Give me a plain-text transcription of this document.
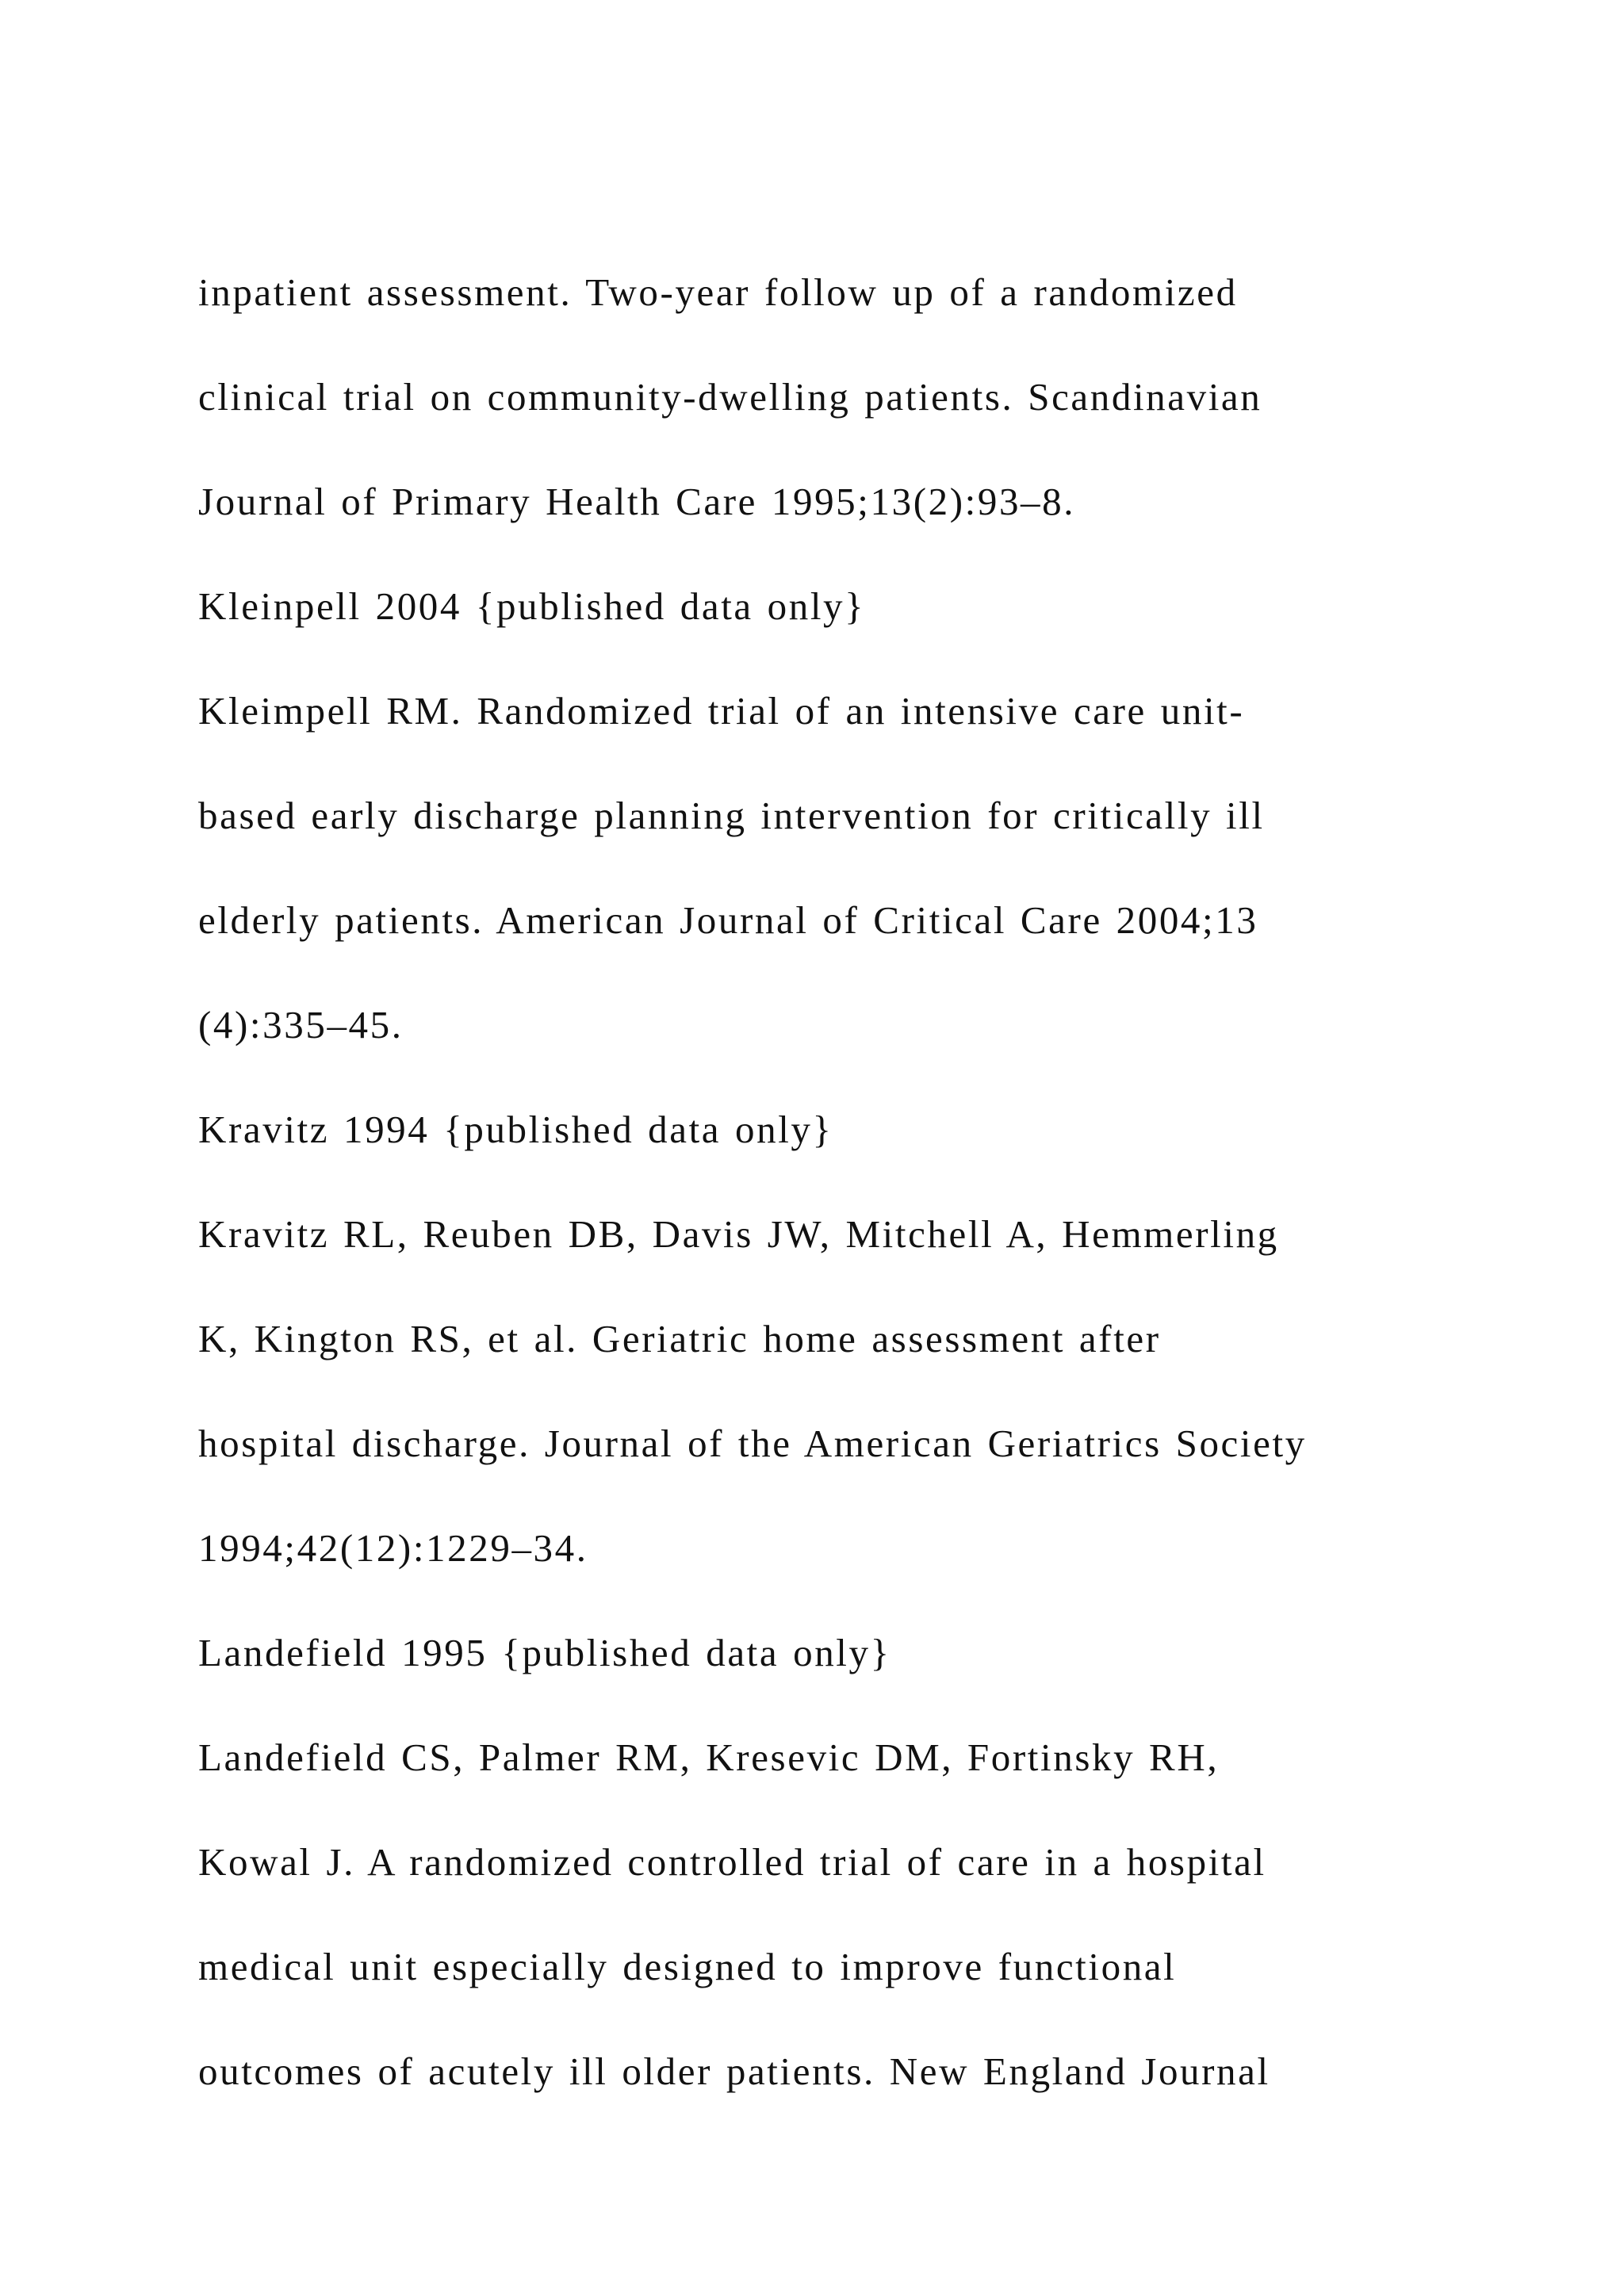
inpatient assessment. Two-year follow up of a randomized
clinical trial on community-dwelling patients. Scandinavian
Journal of Primary Health Care 1995;13(2):93–8.
Kleinpell 2004 {published data only}
Kleimpell RM. Randomized trial of an intensive care unit-
based early discharge planning intervention for critically ill
elderly patients. American Journal of Critical Care 2004;13
(4):335–45.
Kravitz 1994 {published data only}
Kravitz RL, Reuben DB, Davis JW, Mitchell A, Hemmerling
K, Kington RS, et al. Geriatric home assessment after
hospital discharge. Journal of the American Geriatrics Society
1994;42(12):1229–34.
Landefield 1995 {published data only}
Landefield CS, Palmer RM, Kresevic DM, Fortinsky RH,
Kowal J. A randomized controlled trial of care in a hospital
medical unit especially designed to improve functional
outcomes of acutely ill older patients. New England Journal
